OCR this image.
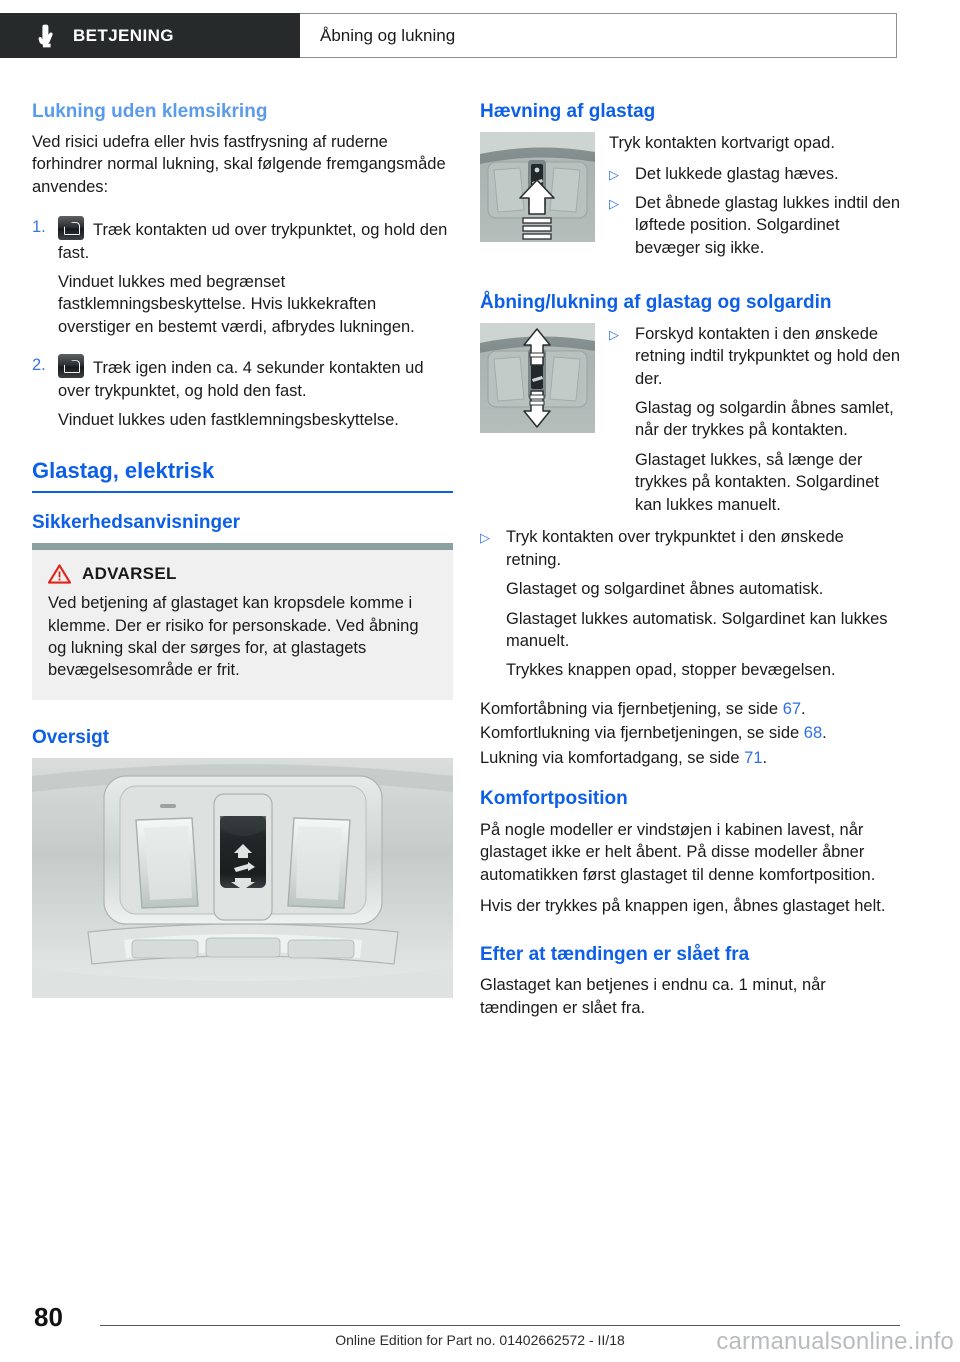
BETJENING	Åbning og lukning
Lukning uden klemsikring

Ved risici udefra eller hvis fastfrysning af ruderne forhindrer normal lukning, skal følgende fremgangsmåde anvendes:

1.	Træk kontakten ud over trykpunktet, og hold den fast.

Vinduet lukkes med begrænset fastklemningsbeskyttelse. Hvis lukkekraften overstiger en bestemt værdi, afbrydes lukningen.

2.	Træk igen inden ca. 4 sekunder kontakten ud over trykpunktet, og hold den fast.

Vinduet lukkes uden fastklemningsbeskyttelse.

Glastag, elektrisk
Sikkerhedsanvisninger
ADVARSEL
Ved betjening af glastaget kan kropsdele komme i klemme. Der er risiko for personskade. Ved åbning og lukning skal der sørges for, at glastagets bevægelsesområde er frit.
Oversigt
Hævning af glastag

Tryk kontakten kortvarigt opad.

▷ Det lukkede glastag hæves.
▷ Det åbnede glastag lukkes indtil den løftede position. Solgardinet bevæger sig ikke.
Åbning/lukning af glastag og solgardin
▷ Forskyd kontakten i den ønskede retning indtil trykpunktet og hold den der.

Glastag og solgardin åbnes samlet, når der trykkes på kontakten.

Glastaget lukkes, så længe der trykkes på kontakten. Solgardinet kan lukkes manuelt.

▷ Tryk kontakten over trykpunktet i den ønskede retning.

Glastaget og solgardinet åbnes automatisk.

Glastaget lukkes automatisk. Solgardinet kan lukkes manuelt.

Trykkes knappen opad, stopper bevægelsen.

Komfortåbning via fjernbetjening, se side 67.

Komfortlukning via fjernbetjeningen, se side 68.

Lukning via komfortadgang, se side 71.

Komfortposition

På nogle modeller er vindstøjen i kabinen lavest, når glastaget ikke er helt åbent. På disse modeller åbner automatikken først glastaget til denne komfortposition.

Hvis der trykkes på knappen igen, åbnes glastaget helt.

Efter at tændingen er slået fra

Glastaget kan betjenes i endnu ca. 1 minut, når tændingen er slået fra.

80
Online Edition for Part no. 01402662572 - II/18	carmanualsonline.info
